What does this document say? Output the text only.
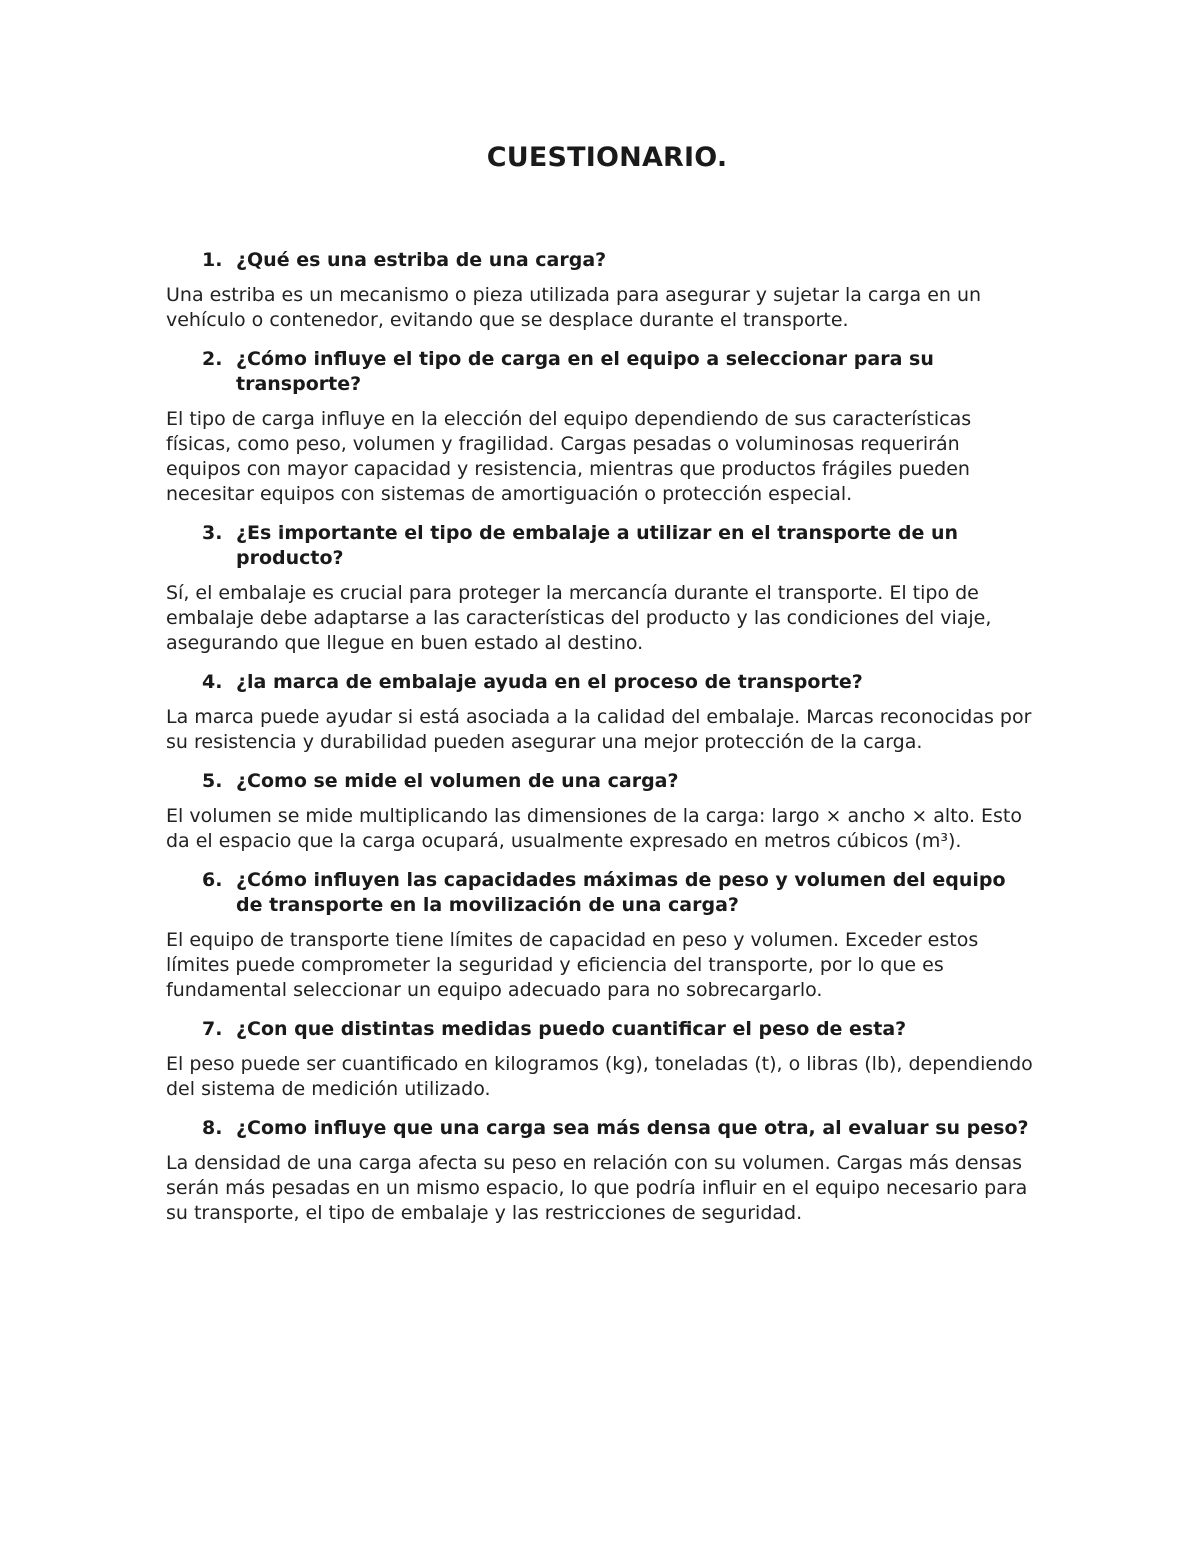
CUESTIONARIO.
1. ¿Qué es una estriba de una carga?

Una estriba es un mecanismo o pieza utilizada para asegurar y sujetar la carga en un vehículo o contenedor, evitando que se desplace durante el transporte.

2. ¿Cómo influye el tipo de carga en el equipo a seleccionar para su transporte?

El tipo de carga influye en la elección del equipo dependiendo de sus características físicas, como peso, volumen y fragilidad. Cargas pesadas o voluminosas requerirán equipos con mayor capacidad y resistencia, mientras que productos frágiles pueden necesitar equipos con sistemas de amortiguación o protección especial.

3. ¿Es importante el tipo de embalaje a utilizar en el transporte de un producto?

Sí, el embalaje es crucial para proteger la mercancía durante el transporte. El tipo de embalaje debe adaptarse a las características del producto y las condiciones del viaje, asegurando que llegue en buen estado al destino.

4. ¿la marca de embalaje ayuda en el proceso de transporte?

La marca puede ayudar si está asociada a la calidad del embalaje. Marcas reconocidas por su resistencia y durabilidad pueden asegurar una mejor protección de la carga.

5. ¿Como se mide el volumen de una carga?

El volumen se mide multiplicando las dimensiones de la carga: largo × ancho × alto. Esto da el espacio que la carga ocupará, usualmente expresado en metros cúbicos (m³).

6. ¿Cómo influyen las capacidades máximas de peso y volumen del equipo de transporte en la movilización de una carga?

El equipo de transporte tiene límites de capacidad en peso y volumen. Exceder estos límites puede comprometer la seguridad y eficiencia del transporte, por lo que es fundamental seleccionar un equipo adecuado para no sobrecargarlo.

7. ¿Con que distintas medidas puedo cuantificar el peso de esta?

El peso puede ser cuantificado en kilogramos (kg), toneladas (t), o libras (lb), dependiendo del sistema de medición utilizado.

8. ¿Como influye que una carga sea más densa que otra, al evaluar su peso?

La densidad de una carga afecta su peso en relación con su volumen. Cargas más densas serán más pesadas en un mismo espacio, lo que podría influir en el equipo necesario para su transporte, el tipo de embalaje y las restricciones de seguridad.
